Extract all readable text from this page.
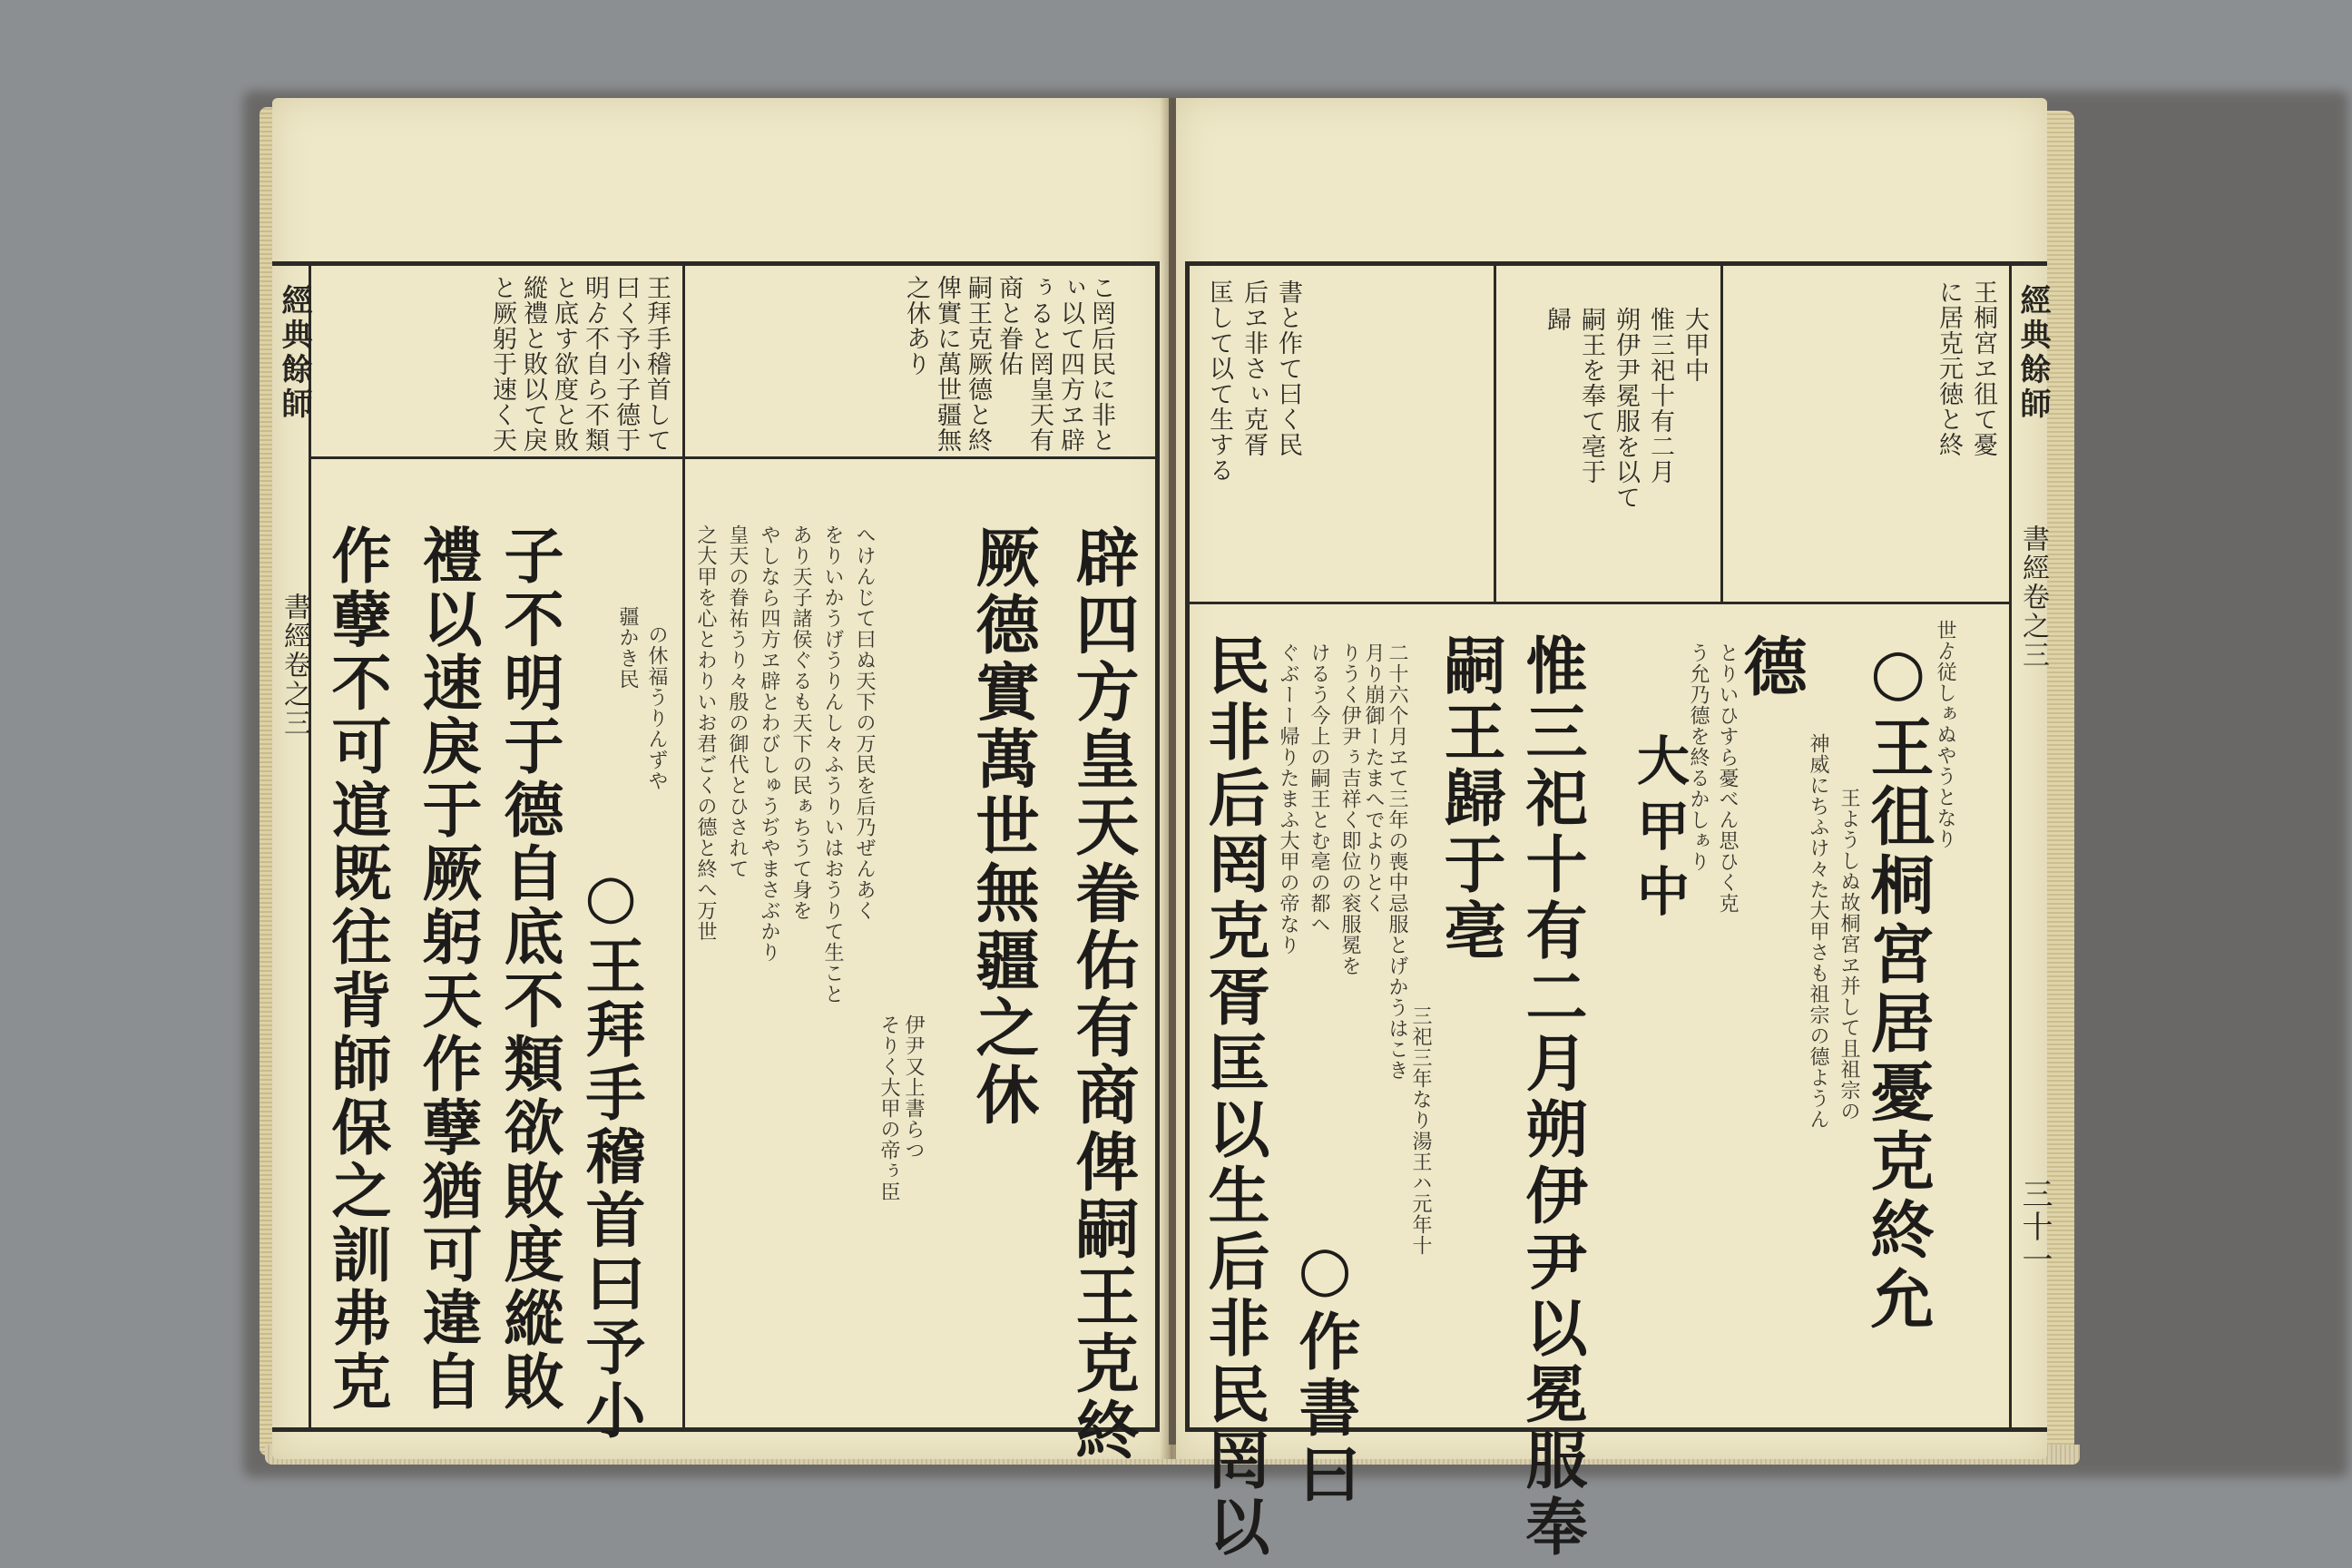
經典餘師
書經卷之三
こ罔后民に非と
ぃ以て四方ヱ辟
ぅると罔皇天有
商と眷佑
嗣王克厥德と終
俾實に萬世疆無
之休あり
王拜手稽首して
曰く予小子德于
明ゟ不自ら不類
と底す欲度と敗
縱禮と敗以て戾
と厥躬于速く天
辟四方皇天眷佑有商俾嗣王克終
厥德實萬世無疆之休
○王拜手稽首曰予小
子不明于德自底不類欲敗度縱敗
禮以速戾于厥躬天作孽猶可違自
作孽不可逭既往背師保之訓弗克	伊尹又上書らつ
そりく大甲の帝ぅ臣
へけんじて曰ぬ天下の万民を后乃ぜんあく
をりいかうげうりんし々ふうりいはおうりて生こと
あり天子諸侯ぐるも天下の民ぁちうて身を
やしなら四方ヱ辟とわびしゅうぢやまさぶかり
皇天の眷祐うり々殷の御代とひされて
之大甲を心とわりいお君ごくの德と終へ万世
の休福うりんずや
疆かき民
經典餘師
書經卷之三
三十一
王桐宮ヱ徂て憂
に居克元徳と終
大甲中
惟三祀十有二月
朔伊尹冕服を以て
嗣王を奉て亳于
歸
書と作て曰く民
后ヱ非さぃ克胥
匡して以て生する
○王徂桐宮居憂克終允
德
大甲中
惟三祀十有二月朔伊尹以冕服奉
嗣王歸于亳
○作書曰
民非后罔克胥匡以生后非民罔以	世ゟ従しぁぬやうとなり
王ようしぬ故桐宮ヱ并して且祖宗の
神威にちふけ々た大甲さも祖宗の德ようん
とりいひすら憂べん思ひく克
う允乃德を終るかしぁり
三祀三年なり湯王ハ元年十
二十六个月ヱて三年の喪中忌服とげかうはこき
月り崩御ーたまへでよりとく
りうく伊尹ぅ吉祥く即位の衮服冕を
けるう今上の嗣王とむ亳の都ヘ
ぐぶーー帰りたまふ大甲の帝なり
